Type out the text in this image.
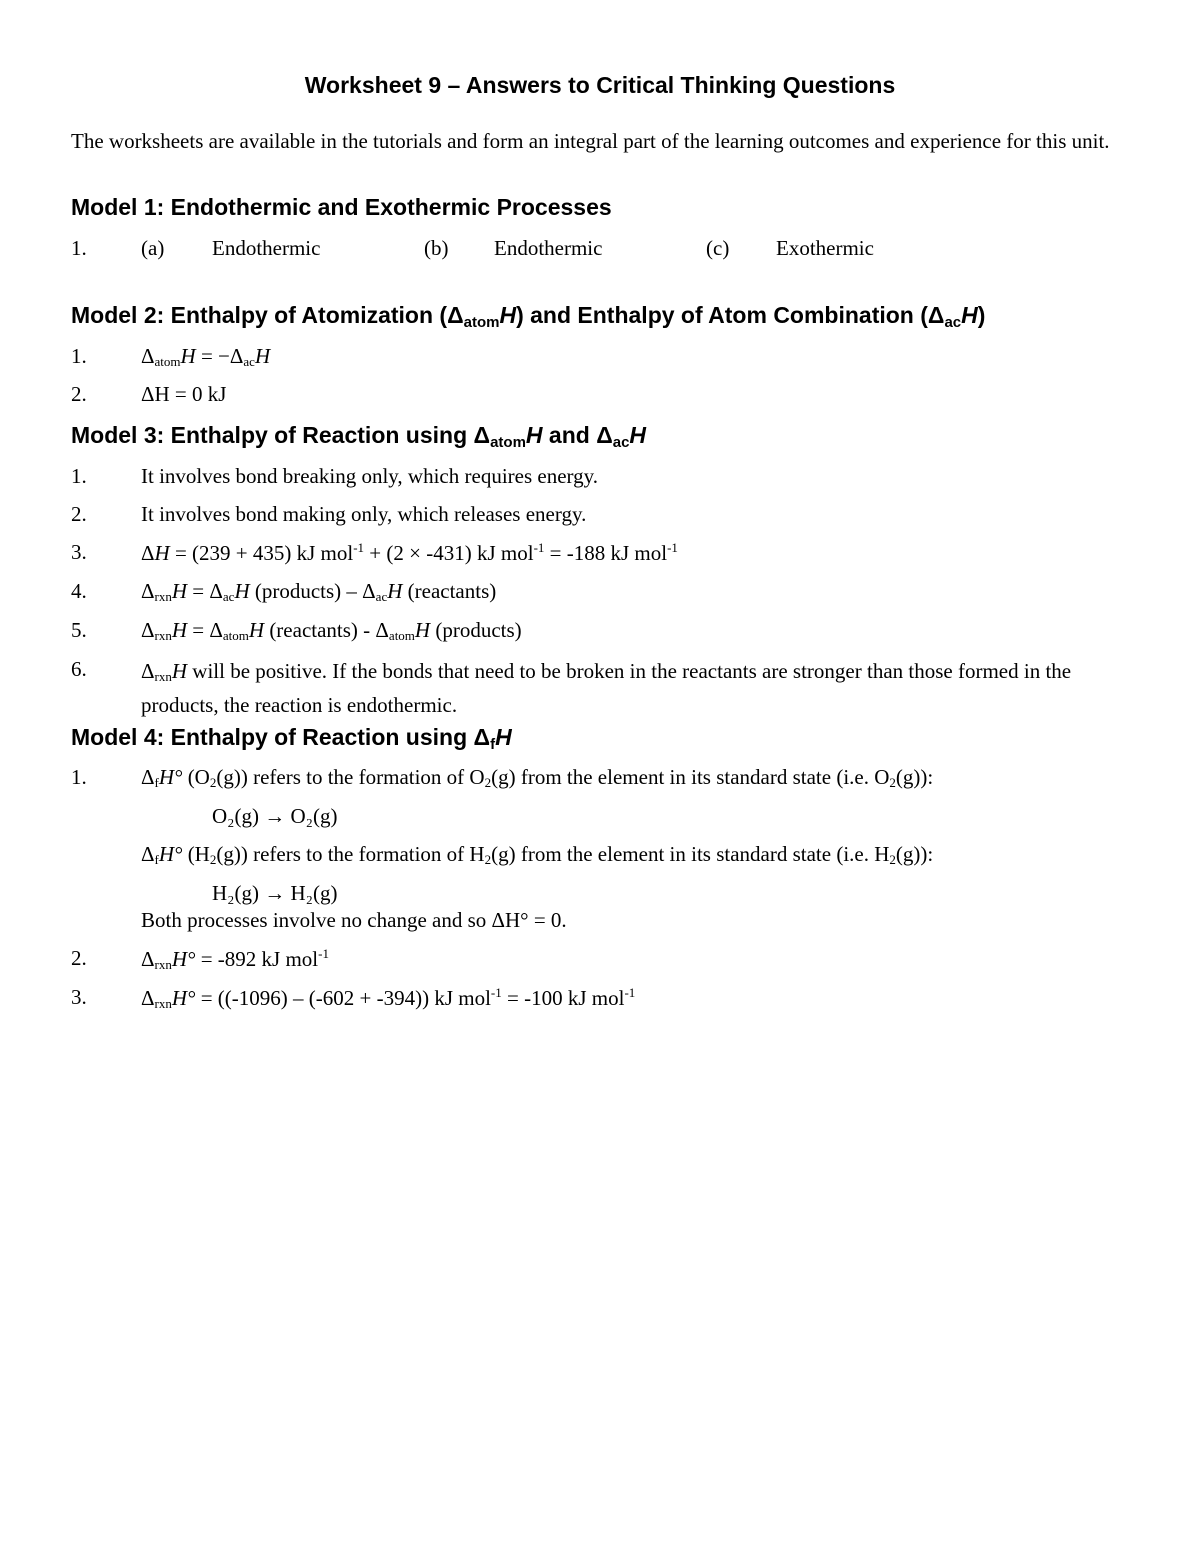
Worksheet 9 – Answers to Critical Thinking Questions
The worksheets are available in the tutorials and form an integral part of the learning outcomes and experience for this unit.
Model 1: Endothermic and Exothermic Processes
1.	(a) Endothermic	(b) Endothermic	(c) Exothermic
Model 2: Enthalpy of Atomization $(\Delta_{atom}H)$ and Enthalpy of Atom Combination $(\Delta_{ac}H)$
1.	$\Delta_{atom}H = -\Delta_{ac}H$
2.	ΔH = 0 kJ
Model 3: Enthalpy of Reaction using $\Delta_{atom}H$ and $\Delta_{ac}H$
1.	It involves bond breaking only, which requires energy.
2.	It involves bond making only, which releases energy.
3.	ΔH = (239 + 435) kJ mol$^{-1}$ + (2 × -431) kJ mol$^{-1}$ = -188 kJ mol$^{-1}$
4.	$\Delta_{rxn}H = \Delta_{ac}H$ (products) – $\Delta_{ac}H$ (reactants)
5.	$\Delta_{rxn}H = \Delta_{atom}H$ (reactants) - $\Delta_{atom}H$ (products)
6.	$\Delta_{rxn}H$ will be positive. If the bonds that need to be broken in the reactants are stronger than those formed in the products, the reaction is endothermic.
Model 4: Enthalpy of Reaction using $\Delta_fH$
1.	$\Delta_fH^\circ$ $(O_2(g))$ refers to the formation of $O_2(g)$ from the element in its standard state (i.e. $O_2(g)$):
O₂(g) → O₂(g)
$\Delta_fH^\circ$ $(H_2(g))$ refers to the formation of $H_2(g)$ from the element in its standard state (i.e. $H_2(g)$):
H₂(g) → H₂(g)
Both processes involve no change and so ΔH° = 0.
2.	$\Delta_{rxn}H^\circ = -892$ kJ mol$^{-1}$
3.	$\Delta_{rxn}H^\circ = ((-1096) - (-602 + -394))$ kJ mol$^{-1}$ = -100 kJ mol$^{-1}$
